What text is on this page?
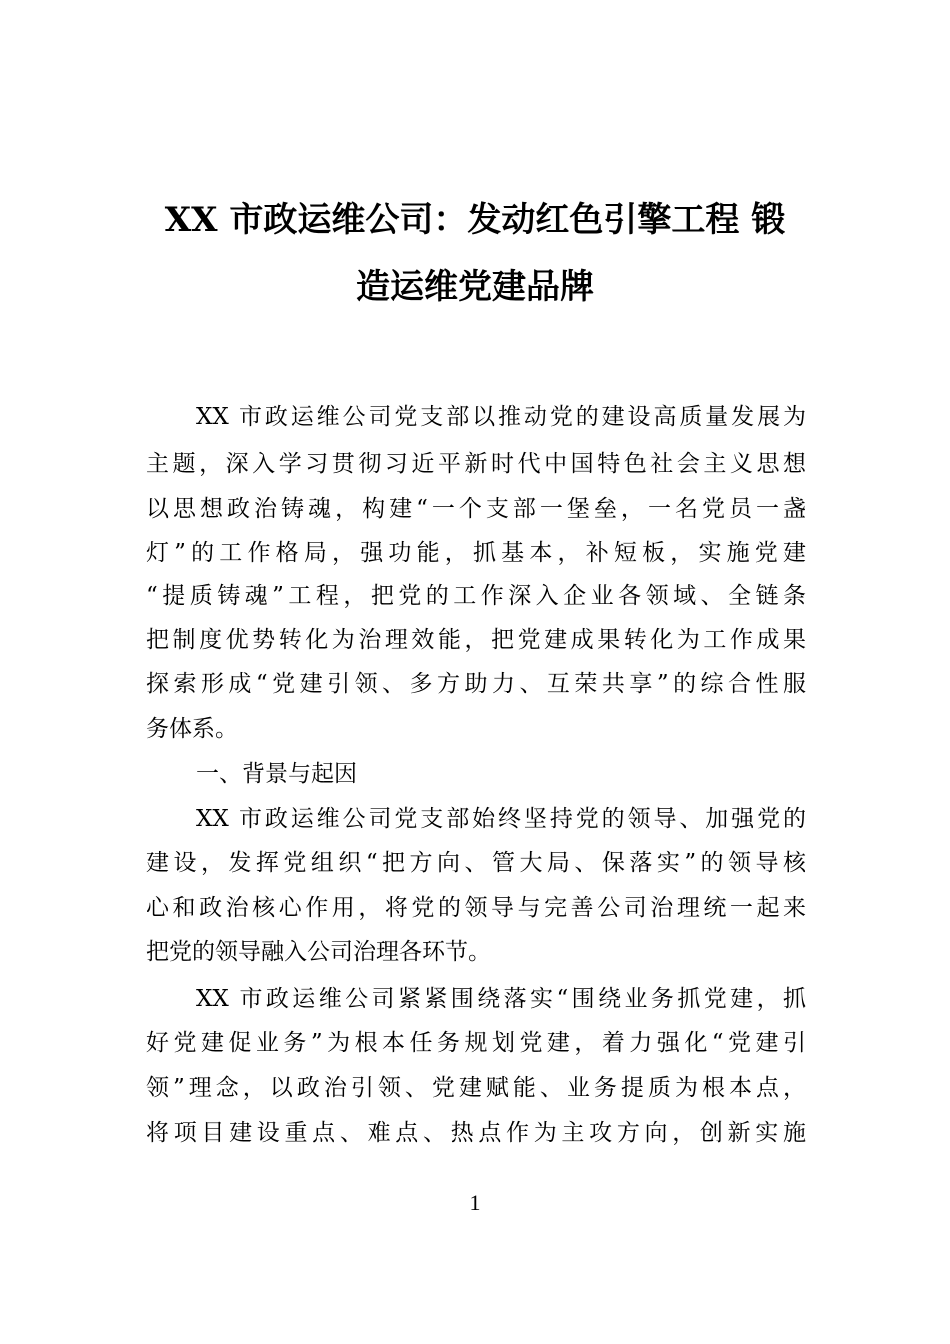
XX 市政运维公司：发动红色引擎工程 锻
造运维党建品牌
XX 市政运维公司党支部以推动党的建设高质量发展为
主题，深入学习贯彻习近平新时代中国特色社会主义思想
以思想政治铸魂，构建“一个支部一堡垒，一名党员一盏
灯”的工作格局，强功能，抓基本，补短板，实施党建
“提质铸魂”工程，把党的工作深入企业各领域、全链条
把制度优势转化为治理效能，把党建成果转化为工作成果
探索形成“党建引领、多方助力、互荣共享”的综合性服
务体系。
一、背景与起因
XX 市政运维公司党支部始终坚持党的领导、加强党的
建设，发挥党组织“把方向、管大局、保落实”的领导核
心和政治核心作用，将党的领导与完善公司治理统一起来
把党的领导融入公司治理各环节。
XX 市政运维公司紧紧围绕落实“围绕业务抓党建，抓
好党建促业务”为根本任务规划党建，着力强化“党建引
领”理念，以政治引领、党建赋能、业务提质为根本点，
将项目建设重点、难点、热点作为主攻方向，创新实施
1
